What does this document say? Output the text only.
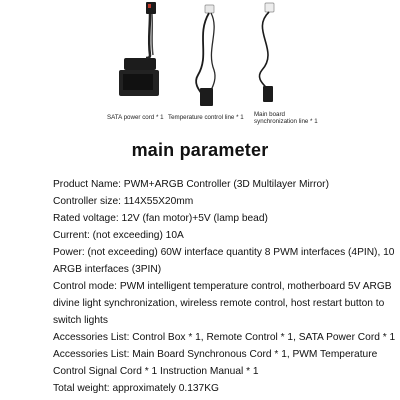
SATA power cord * 1 Temperature control line * 1 Main board
synchronization line * 1
main parameter

Product Name: PWM+ARGB Controller (3D Multilayer Mirror)

Controller size: 114X55X20mm

Rated voltage: 12V (fan motor)+5V (lamp bead)

Current: (not exceeding) 10A

Power: (not exceeding) 60W interface quantity 8 PWM interfaces (4PIN), 10 ARGB interfaces (3PIN)

Control mode: PWM intelligent temperature control, motherboard 5V ARGB divine light synchronization, wireless remote control, host restart button to switch lights

Accessories List: Control Box * 1, Remote Control * 1, SATA Power Cord * 1 Accessories List: Main Board Synchronous Cord * 1, PWM Temperature Control Signal Cord * 1 Instruction Manual * 1

Total weight: approximately 0.137KG
